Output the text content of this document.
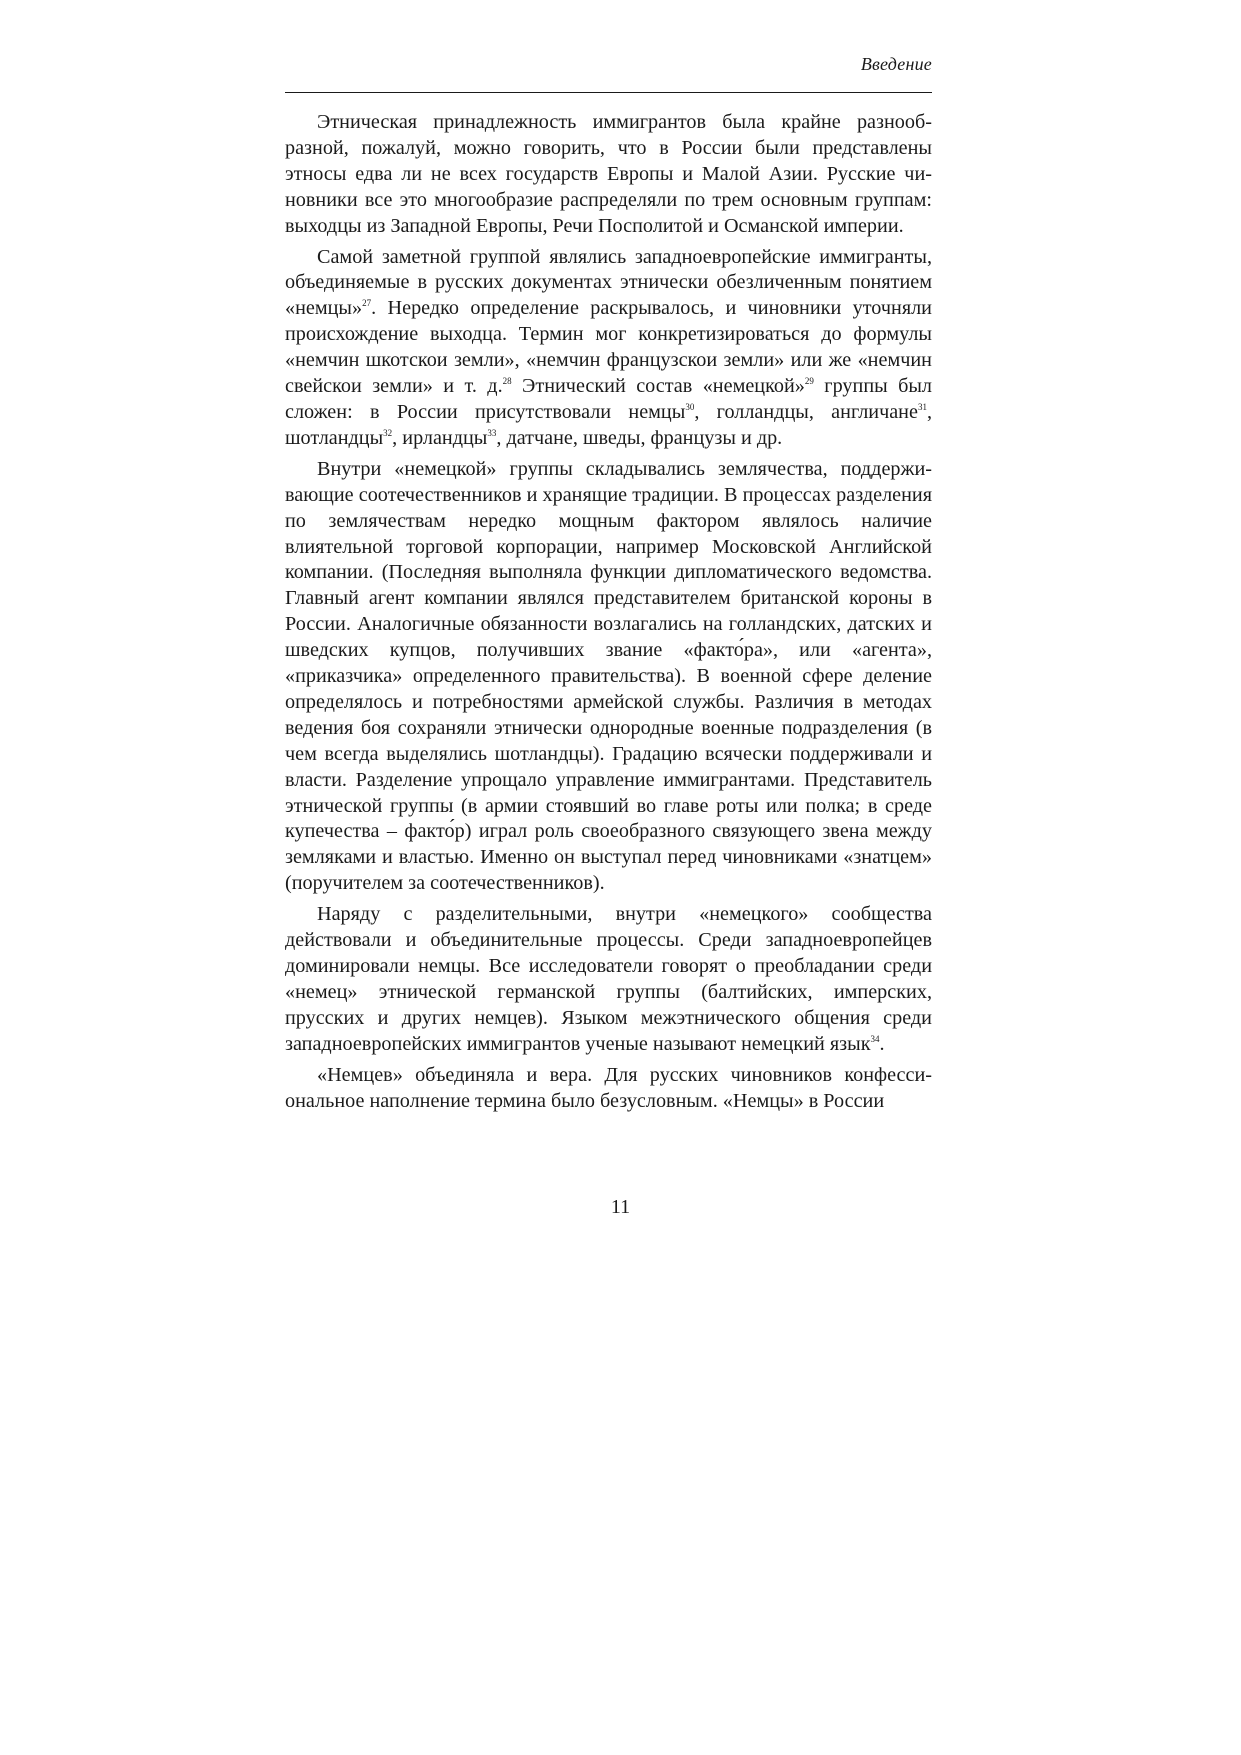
Введение

Этническая принадлежность иммигрантов была крайне разнообразной, пожалуй, можно говорить, что в России были представлены этносы едва ли не всех государств Европы и Малой Азии. Русские чиновники все это многообразие распределяли по трем основным группам: выходцы из Западной Европы, Речи Посполитой и Османской империи.

Самой заметной группой являлись западноевропейские иммигранты, объединяемые в русских документах этнически обезличенным понятием «немцы»$^{27}$. Нередко определение раскрывалось, и чиновники уточняли происхождение выходца. Термин мог конкретизироваться до формулы «немчин шкотскои земли», «немчин французскои земли» или же «немчин свейскои земли» и т. д.$^{28}$ Этнический состав «немецкой»$^{29}$ группы был сложен: в России присутствовали немцы$^{30}$, голландцы, англичане$^{31}$, шотландцы$^{32}$, ирландцы$^{33}$, датчане, шведы, французы и др.

Внутри «немецкой» группы складывались землячества, поддерживающие соотечественников и хранящие традиции. В процессах разделения по землячествам нередко мощным фактором являлось наличие влиятельной торговой корпорации, например Московской Английской компании. (Последняя выполняла функции дипломатического ведомства. Главный агент компании являлся представителем британской короны в России. Аналогичные обязанности возлагались на голландских, датских и шведских купцов, получивших звание «факто́ра», или «агента», «приказчика» определенного правительства). В военной сфере деление определялось и потребностями армейской службы. Различия в методах ведения боя сохраняли этнически однородные военные подразделения (в чем всегда выделялись шотландцы). Градацию всячески поддерживали и власти. Разделение упрощало управление иммигрантами. Представитель этнической группы (в армии стоявший во главе роты или полка; в среде купечества – факто́р) играл роль своеобразного связующего звена между земляками и властью. Именно он выступал перед чиновниками «знатцем» (поручителем за соотечественников).

Наряду с разделительными, внутри «немецкого» сообщества действовали и объединительные процессы. Среди западноевропейцев доминировали немцы. Все исследователи говорят о преобладании среди «немец» этнической германской группы (балтийских, имперских, прусских и других немцев). Языком межэтнического общения среди западноевропейских иммигрантов ученые называют немецкий язык$^{34}$.

«Немцев» объединяла и вера. Для русских чиновников конфессиональное наполнение термина было безусловным. «Немцы» в России

11
